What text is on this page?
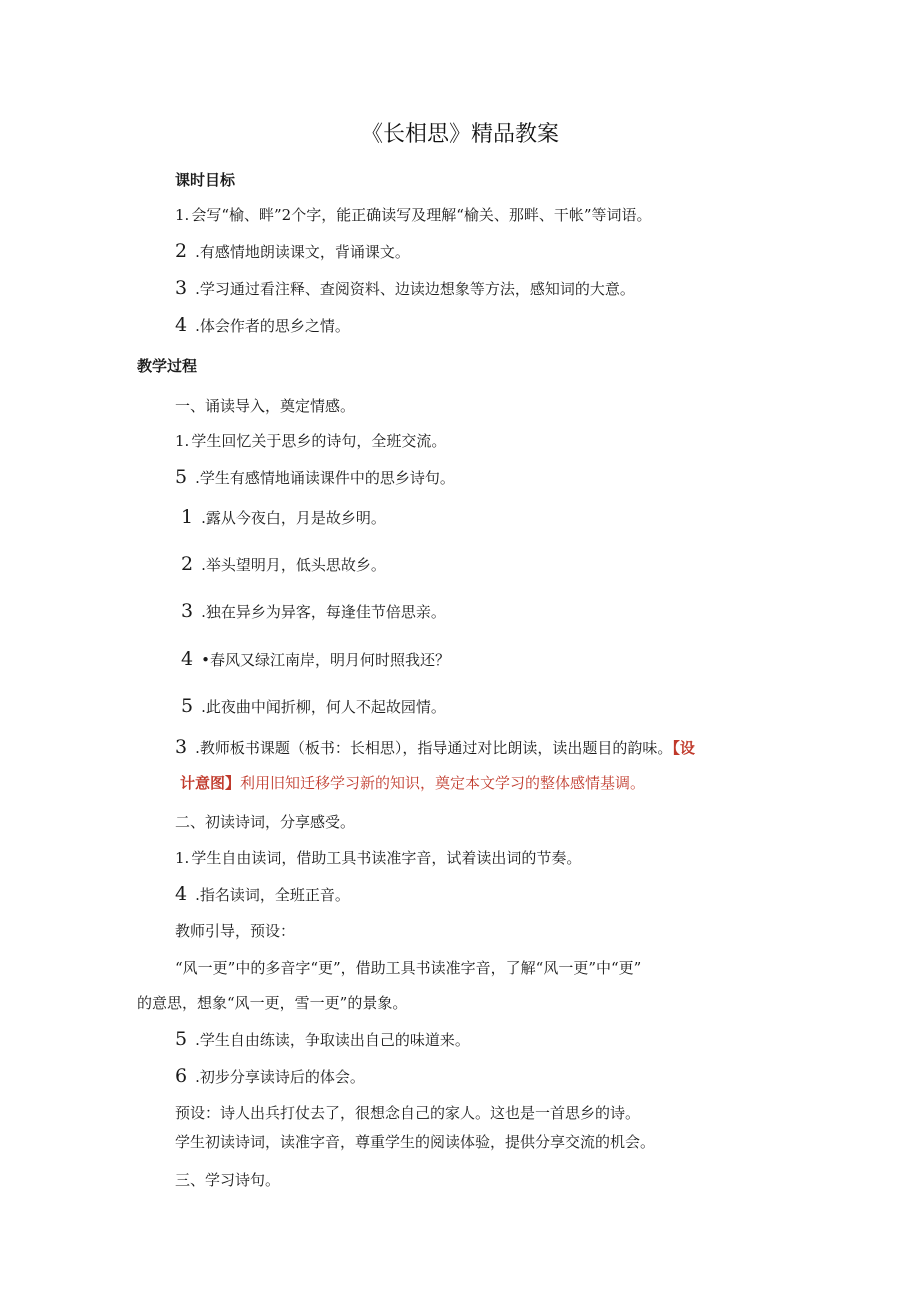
《长相思》精品教案
课时目标
1. 会写“榆、畔”2个字，能正确读写及理解“榆关、那畔、干帐”等词语。
2 .有感情地朗读课文，背诵课文。
3 .学习通过看注释、查阅资料、边读边想象等方法，感知词的大意。
4 .体会作者的思乡之情。
教学过程
一、诵读导入，奠定情感。
1. 学生回忆关于思乡的诗句，全班交流。
5 .学生有感情地诵读课件中的思乡诗句。
1 .露从今夜白，月是故乡明。
2 .举头望明月，低头思故乡。
3 .独在异乡为异客，每逢佳节倍思亲。
4 •春风又绿江南岸，明月何时照我还？
5 .此夜曲中闻折柳，何人不起故园情。
3 .教师板书课题（板书：长相思），指导通过对比朗读，读出题目的韵味。【设
计意图】利用旧知迁移学习新的知识，奠定本文学习的整体感情基调。
二、初读诗词，分享感受。
1. 学生自由读词，借助工具书读准字音，试着读出词的节奏。
4 .指名读词，全班正音。
教师引导，预设：
“风一更”中的多音字“更”，借助工具书读准字音，了解“风一更”中“更”
的意思，想象“风一更，雪一更”的景象。
5 .学生自由练读，争取读出自己的味道来。
6 .初步分享读诗后的体会。
预设：诗人出兵打仗去了，很想念自己的家人。这也是一首思乡的诗。
学生初读诗词，读准字音，尊重学生的阅读体验，提供分享交流的机会。
三、学习诗句。
